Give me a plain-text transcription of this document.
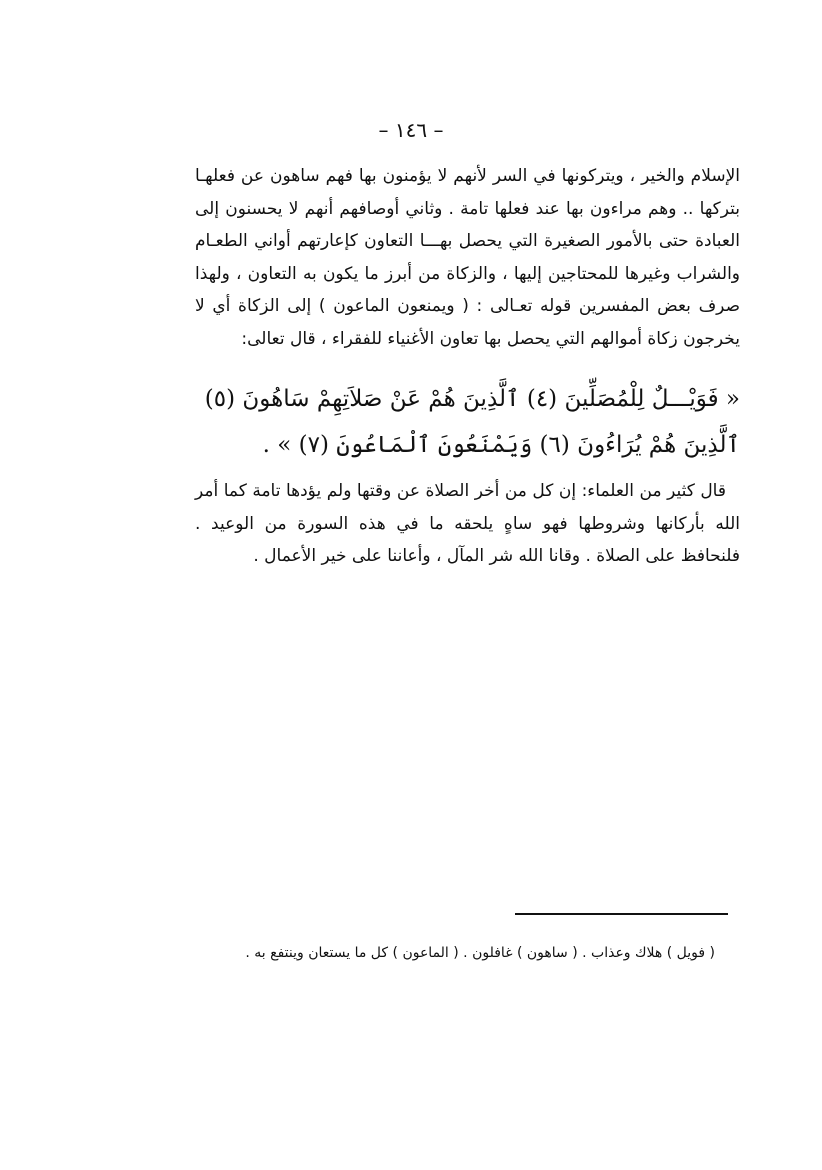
– ١٤٦ –

الإسلام والخير ، ويتركونها في السر لأنهم لا يؤمنون بها فهم ساهون عن فعلهـا بتركها .. وهم مراءون بها عند فعلها تامة . وثاني أوصافهم أنهم لا يحسنون إلى العبادة حتى بالأمور الصغيرة التي يحصل بهـــا التعاون كإعارتهم أواني الطعـام والشراب وغيرها للمحتاجين إليها ، والزكاة من أبرز ما يكون به التعاون ، ولهذا صرف بعض المفسرين قوله تعـالى : ( ويمنعون الماعون ) إلى الزكاة أي لا يخرجون زكاة أموالهم التي يحصل بها تعاون الأغنياء للفقراء ، قال تعالى:

« فَوَيْـــلٌ لِلْمُصَلِّينَ (٤) ٱلَّذِينَ هُمْ عَنْ صَلاَتِهِمْ سَاهُونَ (٥)

ٱلَّذِينَ هُمْ يُرَاءُونَ (٦) وَيَمْنَعُونَ ٱلْمَاعُونَ (٧) » .

قال كثير من العلماء: إن كل من أخر الصلاة عن وقتها ولم يؤدها تامة كما أمر الله بأركانها وشروطها فهو ساهٍ يلحقه ما في هذه السورة من الوعيد . فلنحافظ على الصلاة . وقانا الله شر المآل ، وأعاننا على خير الأعمال .

( فويل ) هلاك وعذاب . ( ساهون ) غافلون . ( الماعون ) كل ما يستعان وينتفع به .
